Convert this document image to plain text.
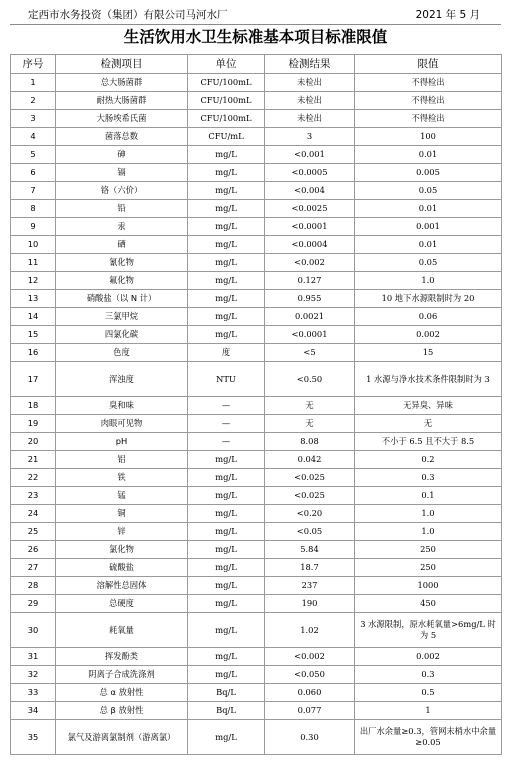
定西市水务投资（集团）有限公司马河水厂	2021 年 5 月
生活饮用水卫生标准基本项目标准限值
序号	检测项目	单位	检测结果	限值
1	总大肠菌群	CFU/100mL	未检出	不得检出
2	耐热大肠菌群	CFU/100mL	未检出	不得检出
3	大肠埃希氏菌	CFU/100mL	未检出	不得检出
4	菌落总数	CFU/mL	3	100
5	砷	mg/L	<0.001	0.01
6	镉	mg/L	<0.0005	0.005
7	铬（六价）	mg/L	<0.004	0.05
8	铅	mg/L	<0.0025	0.01
9	汞	mg/L	<0.0001	0.001
10	硒	mg/L	<0.0004	0.01
11	氰化物	mg/L	<0.002	0.05
12	氟化物	mg/L	0.127	1.0
13	硝酸盐（以 N 计）	mg/L	0.955	10 地下水源限制时为 20
14	三氯甲烷	mg/L	0.0021	0.06
15	四氯化碳	mg/L	<0.0001	0.002
16	色度	度	<5	15
17	浑浊度	NTU	<0.50	1 水源与净水技术条件限制时为 3
18	臭和味	—	无	无异臭、异味
19	肉眼可见物	—	无	无
20	pH	—	8.08	不小于 6.5 且不大于 8.5
21	铝	mg/L	0.042	0.2
22	铁	mg/L	<0.025	0.3
23	锰	mg/L	<0.025	0.1
24	铜	mg/L	<0.20	1.0
25	锌	mg/L	<0.05	1.0
26	氯化物	mg/L	5.84	250
27	硫酸盐	mg/L	18.7	250
28	溶解性总固体	mg/L	237	1000
29	总硬度	mg/L	190	450
30	耗氧量	mg/L	1.02	3 水源限制，原水耗氧量>6mg/L 时为 5
31	挥发酚类	mg/L	<0.002	0.002
32	阴离子合成洗涤剂	mg/L	<0.050	0.3
33	总 α 放射性	Bq/L	0.060	0.5
34	总 β 放射性	Bq/L	0.077	1
35	氯气及游离氯制剂（游离氯）	mg/L	0.30	出厂水余量≥0.3，管网末梢水中余量≥0.05
